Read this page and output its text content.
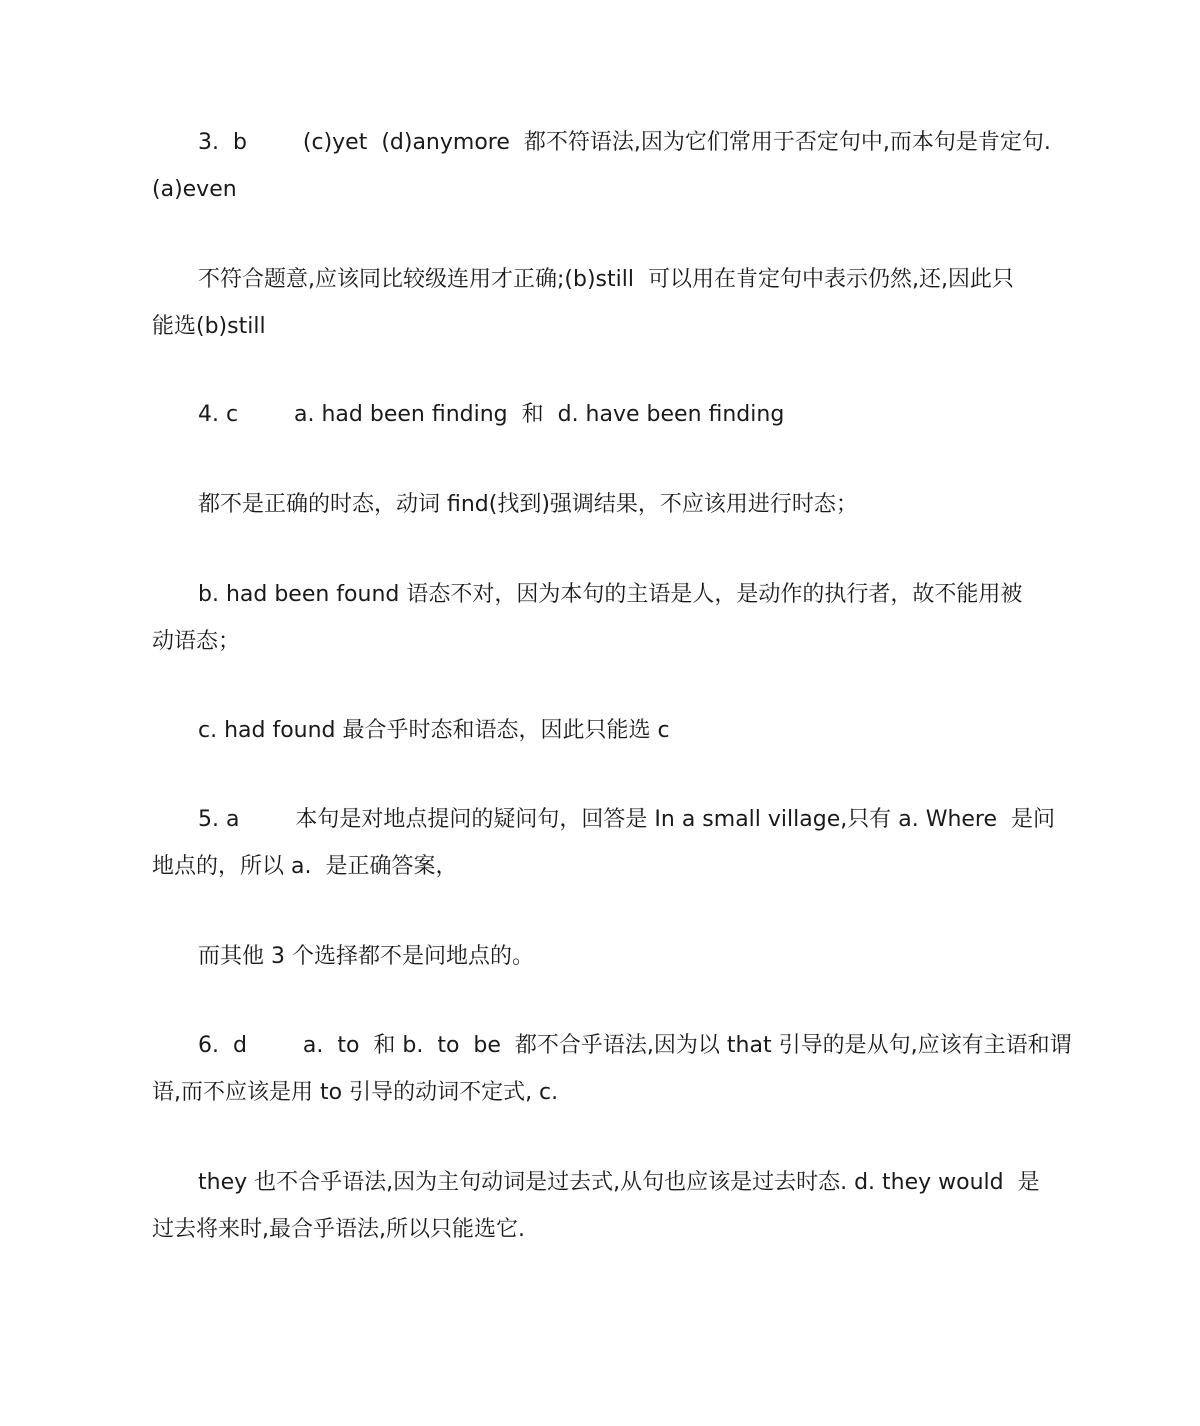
3.  b        (c)yet  (d)anymore  都不符语法,因为它们常用于否定句中,而本句是肯定句.
(a)even
不符合题意,应该同比较级连用才正确;(b)still  可以用在肯定句中表示仍然,还,因此只
能选(b)still
4. c        a. had been finding  和  d. have been finding
都不是正确的时态，动词 find(找到)强调结果，不应该用进行时态；
b. had been found 语态不对，因为本句的主语是人，是动作的执行者，故不能用被
动语态；
c. had found 最合乎时态和语态，因此只能选 c
5. a        本句是对地点提问的疑问句，回答是 In a small village,只有 a. Where  是问
地点的，所以 a.  是正确答案，
而其他 3 个选择都不是问地点的。
6.  d        a.  to  和 b.  to  be  都不合乎语法,因为以 that 引导的是从句,应该有主语和谓
语,而不应该是用 to 引导的动词不定式, c.
they 也不合乎语法,因为主句动词是过去式,从句也应该是过去时态. d. they would  是
过去将来时,最合乎语法,所以只能选它.
